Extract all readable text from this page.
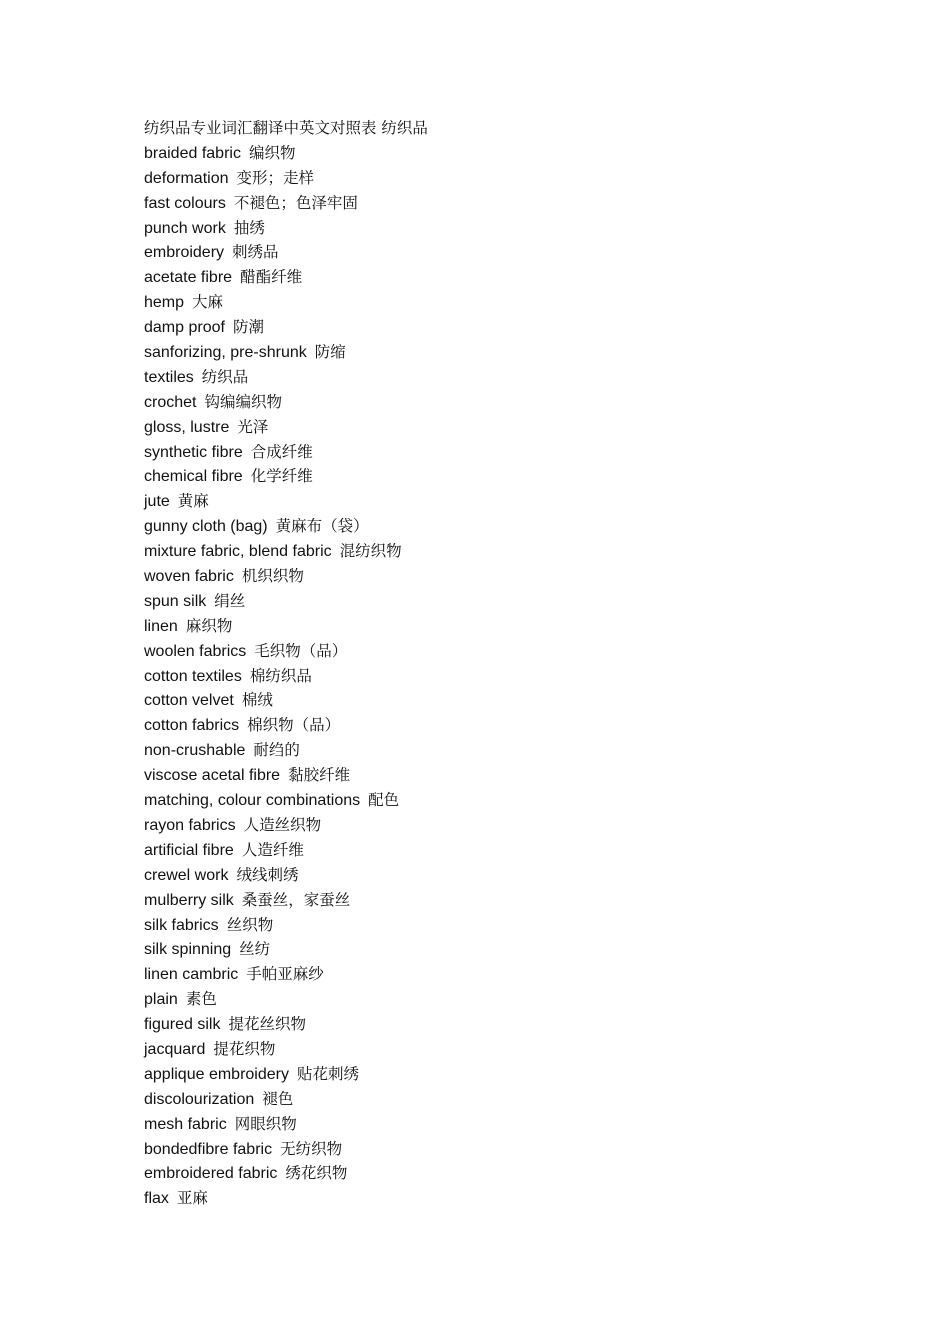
纺织品专业词汇翻译中英文对照表 纺织品
braided fabric 编织物
deformation 变形；走样
fast colours 不褪色；色泽牢固
punch work 抽绣
embroidery 刺绣品
acetate fibre 醋酯纤维
hemp 大麻
damp proof 防潮
sanforizing, pre-shrunk 防缩
textiles 纺织品
crochet 钩编编织物
gloss, lustre 光泽
synthetic fibre 合成纤维
chemical fibre 化学纤维
jute 黄麻
gunny cloth (bag) 黄麻布（袋）
mixture fabric, blend fabric 混纺织物
woven fabric 机织织物
spun silk 绢丝
linen 麻织物
woolen fabrics 毛织物（品）
cotton textiles 棉纺织品
cotton velvet 棉绒
cotton fabrics 棉织物（品）
non-crushable 耐绉的
viscose acetal fibre 黏胶纤维
matching, colour combinations 配色
rayon fabrics 人造丝织物
artificial fibre 人造纤维
crewel work 绒线刺绣
mulberry silk 桑蚕丝，家蚕丝
silk fabrics 丝织物
silk spinning 丝纺
linen cambric 手帕亚麻纱
plain 素色
figured silk 提花丝织物
jacquard 提花织物
applique embroidery 贴花刺绣
discolourization 褪色
mesh fabric 网眼织物
bondedfibre fabric 无纺织物
embroidered fabric 绣花织物
flax 亚麻
